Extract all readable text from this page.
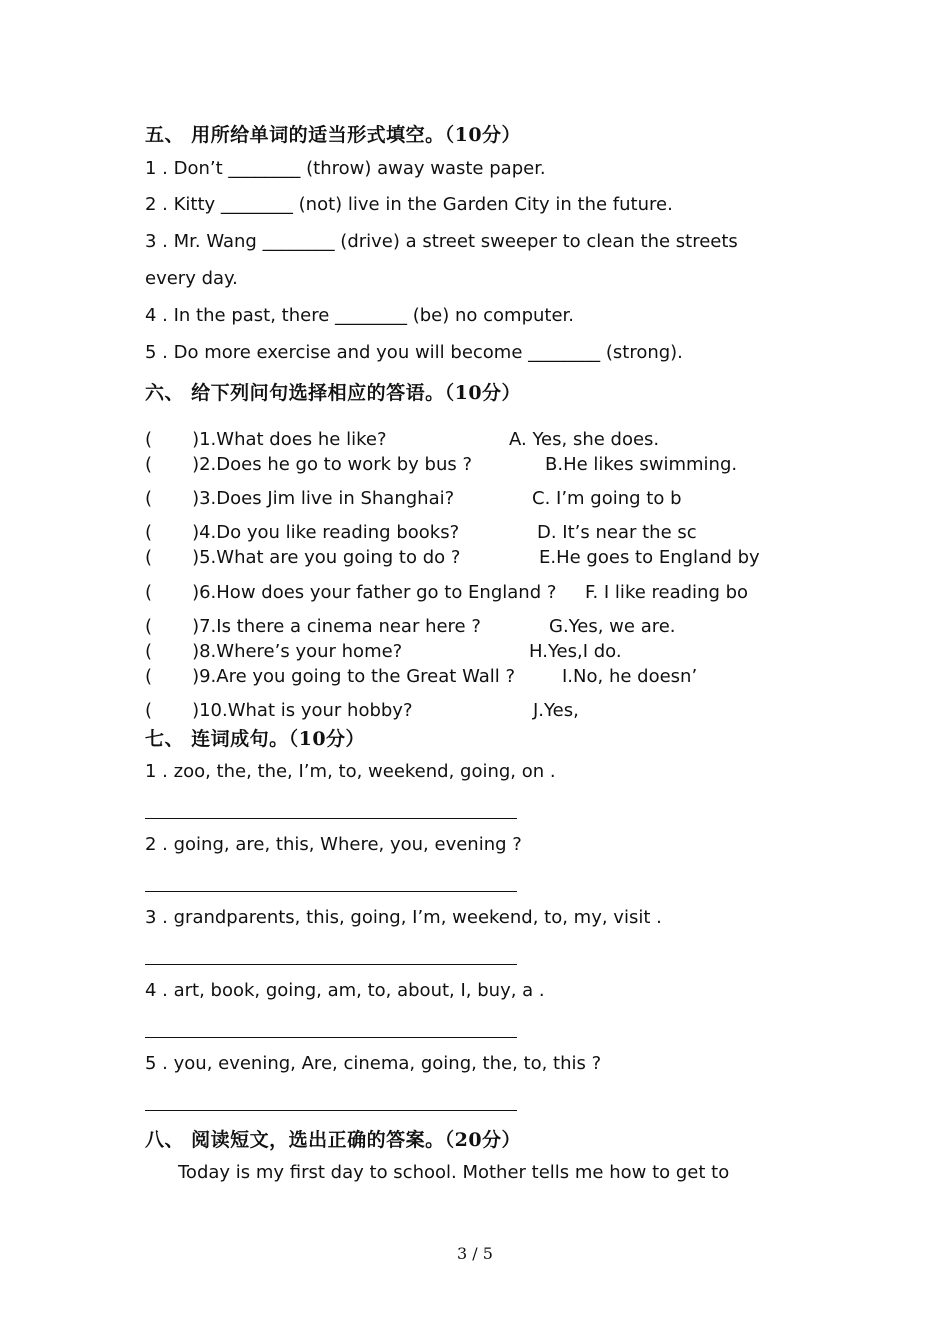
五、 用所给单词的适当形式填空。（10分）
1 . Don’t ________ (throw) away waste paper.
2 . Kitty ________ (not) live in the Garden City in the future.
3 . Mr. Wang ________ (drive) a street sweeper to clean the streets
every day.
4 . In the past, there ________ (be) no computer.
5 . Do more exercise and you will become ________ (strong).
六、 给下列问句选择相应的答语。（10分）
(       )1.What does he like?	A. Yes, she does.
(       )2.Does he go to work by bus ?	B.He likes swimming.
(       )3.Does Jim live in Shanghai?	C. I’m going to b
(       )4.Do you like reading books?	D. It’s near the sc
(       )5.What are you going to do ?	E.He goes to England by
(       )6.How does your father go to England ? F. I like reading bo
(       )7.Is there a cinema near here ?	G.Yes, we are.
(       )8.Where’s your home?	H.Yes,I do.
(       )9.Are you going to the Great Wall ?	I.No, he doesn’
(       )10.What is your hobby?	J.Yes,
七、 连词成句。（10分）
1 . zoo, the, the, I’m, to, weekend, going, on .
2 . going, are, this, Where, you, evening ?
3 . grandparents, this, going, I’m, weekend, to, my, visit .
4 . art, book, going, am, to, about, I, buy, a .
5 . you, evening, Are, cinema, going, the, to, this ?
八、 阅读短文，选出正确的答案。（20分）
Today is my first day to school. Mother tells me how to get to
3 / 5
